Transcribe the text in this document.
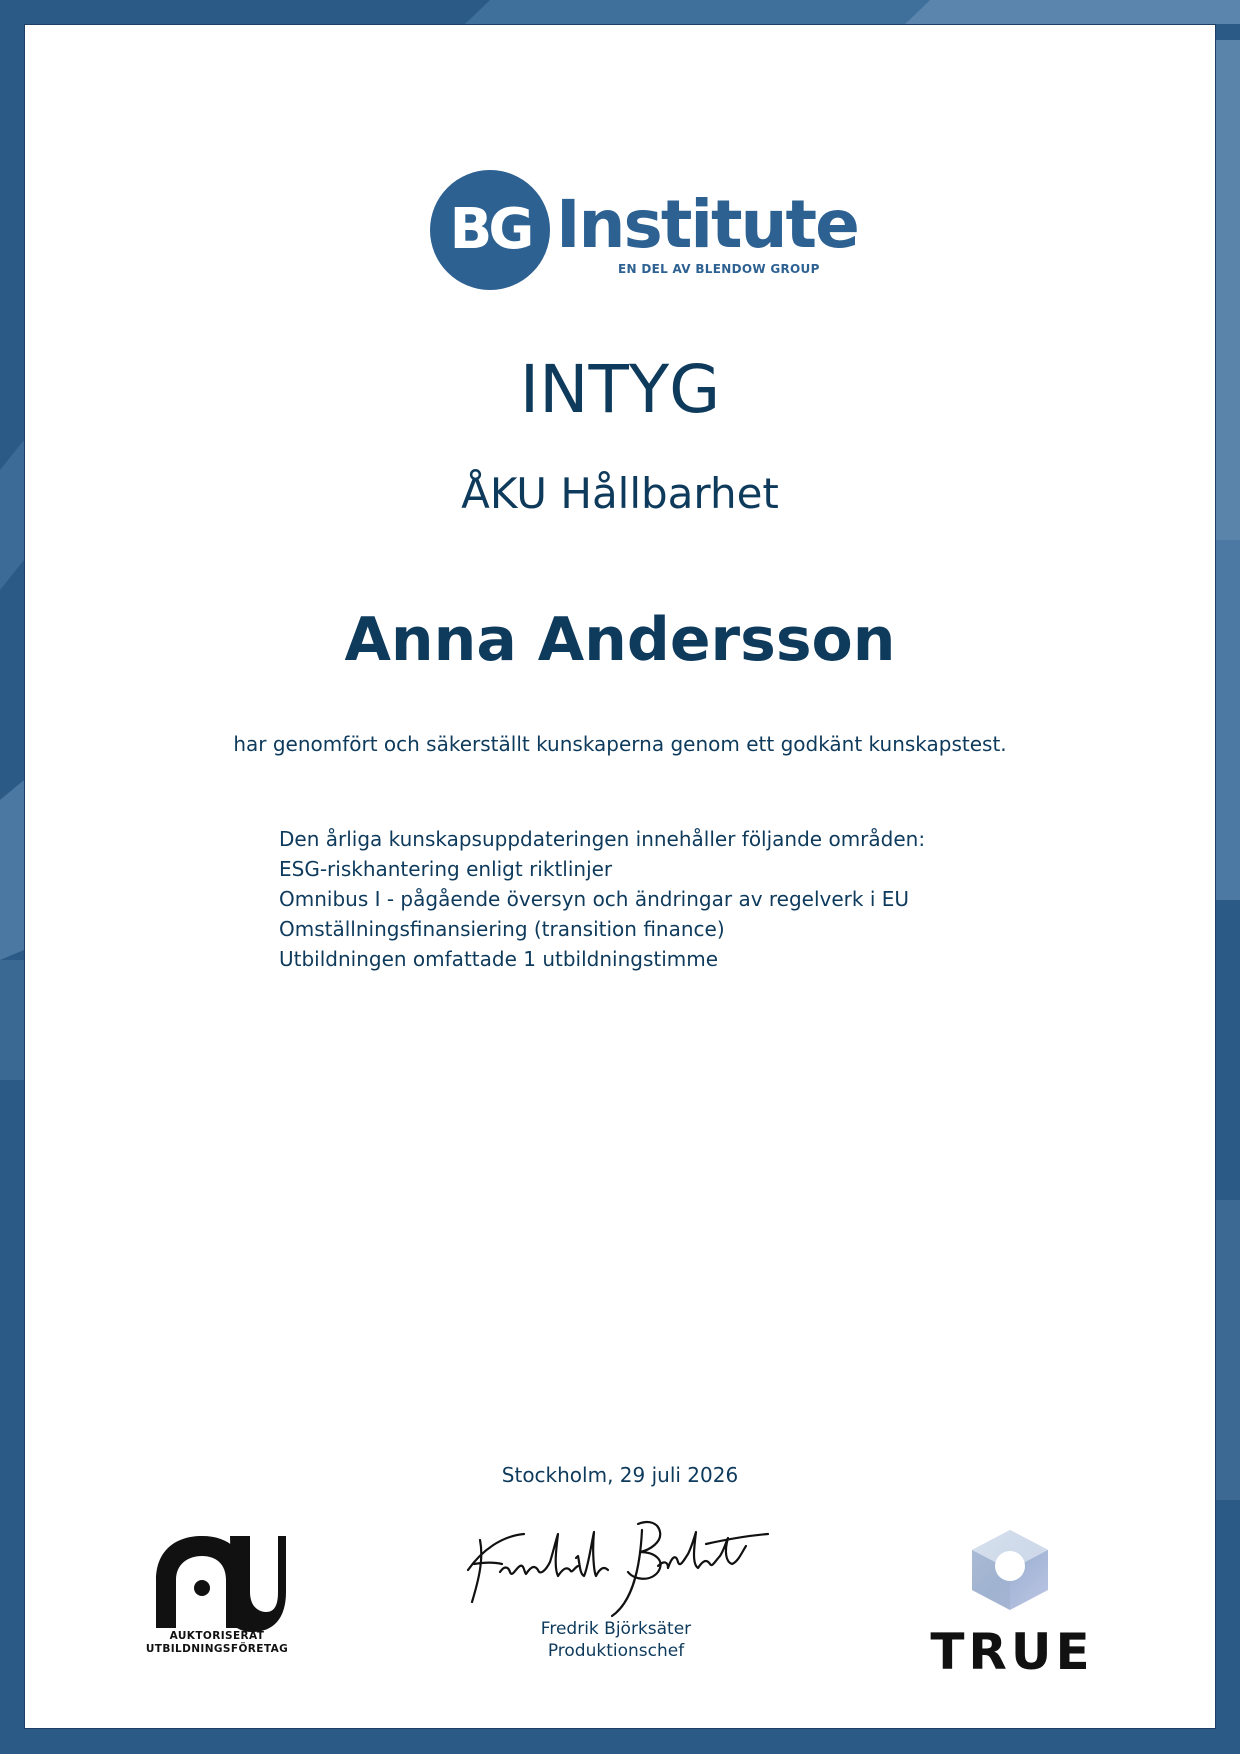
BG Institute
EN DEL AV BLENDOW GROUP
INTYG
ÅKU Hållbarhet
Anna Andersson
har genomfört och säkerställt kunskaperna genom ett godkänt kunskapstest.
Den årliga kunskapsuppdateringen innehåller följande områden:
ESG-riskhantering enligt riktlinjer
Omnibus I - pågående översyn och ändringar av regelverk i EU
Omställningsfinansiering (transition finance)
Utbildningen omfattade 1 utbildningstimme
Stockholm, 29 juli 2026
Fredrik Björksäter
Produktionschef
AUKTORISERAT UTBILDNINGSFÖRETAG	TRUE
